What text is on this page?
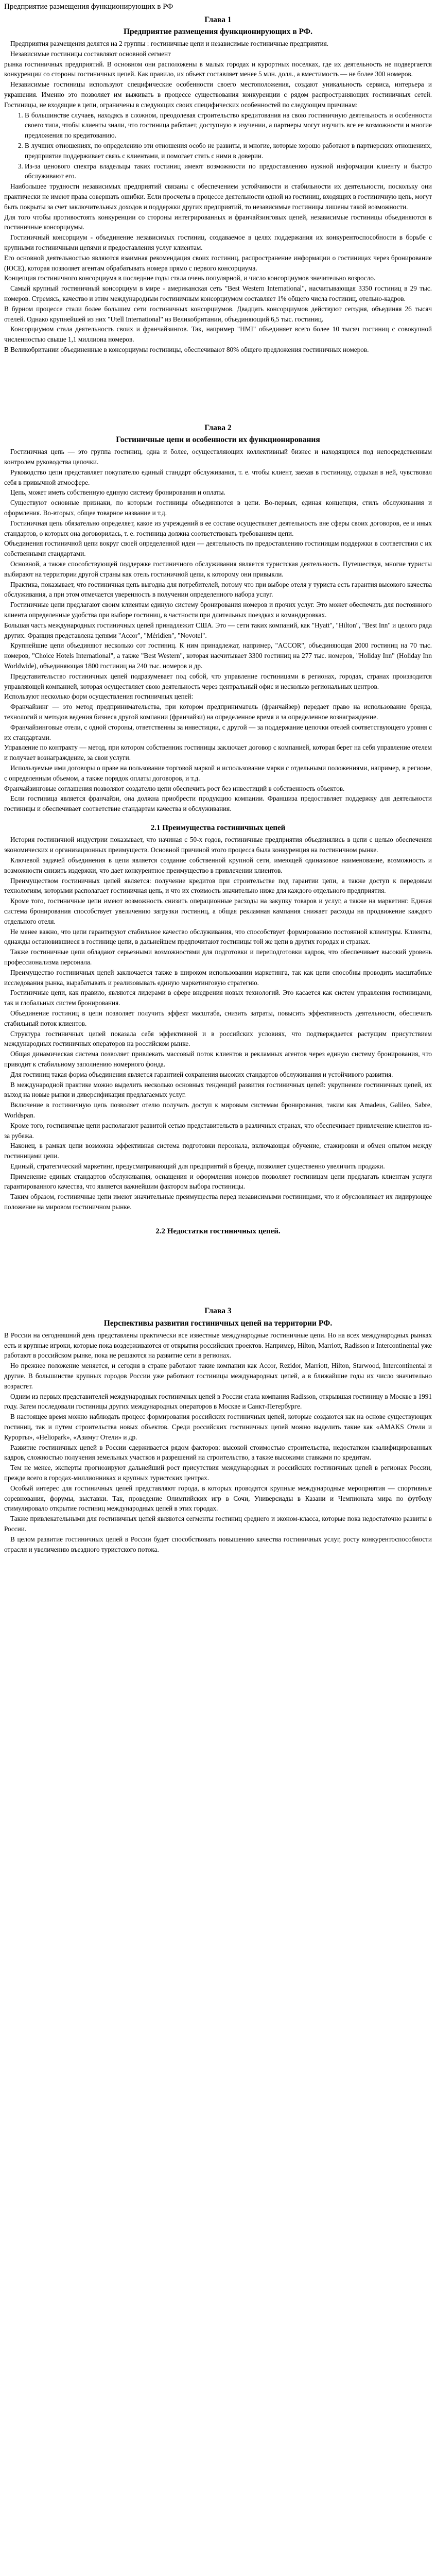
Предприятие размещения функционирующих в РФ
Глава 1
Предприятие размещения функционирующих в РФ.

Предприятия размещения делятся на 2 группы : гостиничные цепи и независимые гостиничные предприятия.

Независимые гостиницы составляют основной сегмент

рынка гостиничных предприятий. В основном они расположены в малых городах и курортных поселках, где их деятельность не подвергается конкуренции со стороны гостиничных цепей. Как правило, их объект составляет менее 5 млн. долл., а вместимость — не более 300 номеров.

Независимые гостиницы используют специфические особенности своего местоположения, создают уникальность сервиса, интерьера и украшения. Именно это позволяет им выживать в процессе существования конкуренции с рядом распространяющих гостиничных сетей. Гостиницы, не входящие в цепи, ограничены в следующих своих специфических особенностей по следующим причинам:

1. В большинстве случаев, находясь в сложном, преодолевая строительство кредитования на свою гостиничную деятельность и особенности своего типа, чтобы клиенты знали, что гостиница работает, доступную в изучении, а партнеры могут изучить все ее возможности и многие предложения по кредитованию.
2. В лучших отношениях, по определению эти отношения особо не развиты, и многие, которые хорошо работают в партнерских отношениях, предприятие поддерживает связь с клиентами, и помогает стать с ними в доверии.
3. Из-за ценового спектра владельцы таких гостиниц имеют возможности по предоставлению нужной информации клиенту и быстро обслуживают его.

Наибольшее трудности независимых предприятий связаны с обеспечением устойчивости и стабильности их деятельности, поскольку они практически не имеют права совершать ошибки. Если просчеты в процессе деятельности одной из гостиниц, входящих в гостиничную цепь, могут быть покрыты за счет заключительных доходов и поддержки других предприятий, то независимые гостиницы лишены такой возможности.

Для того чтобы противостоять конкуренции со стороны интегрированных и франчайзинговых цепей, независимые гостиницы объединяются в гостиничные консорциумы.

Гостиничный консорциум - объединение независимых гостиниц, создаваемое в целях поддержания их конкурентоспособности в борьбе с крупными гостиничными цепями и предоставления услуг клиентам.

Его основной деятельностью являются взаимная рекомендация своих гостиниц, распространение информации о гостиницах через бронирование (ЮСЕ), которая позволяет агентам обрабатывать номера прямо с первого консорциума.

Концепция гостиничного консорциума в последние годы стала очень популярной, и число консорциумов значительно возросло.

Самый крупный гостиничный консорциум в мире - американская сеть "Best Western International", насчитывающая 3350 гостиниц в 29 тыс. номеров. Стремясь, качество и этим международным гостиничным консорциумом составляет 1% общего числа гостиниц, отельно-кадров.

В бурном процессе стали более большим сети гостиничных консорциумов. Двадцать консорциумов действуют сегодня, объединяя 26 тысяч отелей. Однако крупнейшей из них "Utell International" из Великобритании, объединяющий 6,5 тыс. гостиниц.

Консорциумом стала деятельность своих и франчайзингов. Так, например "HMI" объединяет всего более 10 тысяч гостиниц с совокупной численностью свыше 1,1 миллиона номеров.

В Великобритании объединенные в консорциумы гостиницы, обеспечивают 80% общего предложения гостиничных номеров.

Глава 2
Гостиничные цепи и особенности их функционирования

Гостиничная цепь — это группа гостиниц, одна и более, осуществляющих коллективный бизнес и находящихся под непосредственным контролем руководства цепочки.

Руководство цепи представляет покупателю единый стандарт обслуживания, т. е. чтобы клиент, заехав в гостиницу, отдыхая в ней, чувствовал себя в привычной атмосфере.

Цепь, может иметь собственную единую систему бронирования и оплаты.

Существуют основные признаки, по которым гостиницы объединяются в цепи. Во-первых, единая концепция, стиль обслуживания и оформления. Во-вторых, общее товарное название и т.д.

Гостиничная цепь обязательно определяет, какое из учреждений в ее составе осуществляет деятельность вне сферы своих договоров, ее и иных стандартов, о которых она договорилась, т. е. гостиница должна соответствовать требованиям цепи.

Объединения гостиничной цепи вокруг своей определенной идеи — деятельность по предоставлению гостиницам поддержки в соответствии с их собственными стандартами.

Основной, а также способствующей поддержке гостиничного обслуживания является туристская деятельность. Путешествуя, многие туристы выбирают на территории другой страны как отель гостиничной цепи, к которому они привыкли.

Практика, показывает, что гостиничная цепь выгодна для потребителей, потому что при выборе отеля у туриста есть гарантия высокого качества обслуживания, а при этом отмечается уверенность в получении определенного набора услуг.

Гостиничные цепи предлагают своим клиентам единую систему бронирования номеров и прочих услуг. Это может обеспечить для постоянного клиента определенные удобства при выборе гостиниц, в частности при длительных поездках и командировках.

Большая часть международных гостиничных цепей принадлежит США. Это — сети таких компаний, как "Hyatt", "Hilton", "Best Inn" и целого ряда других. Франция представлена цепями "Accor", "Méridien", "Novotel".

Крупнейшие цепи объединяют несколько сот гостиниц. К ним принадлежат, например, "ACCOR", объединяющая 2000 гостиниц на 70 тыс. номеров, "Choice Hotels International", а также "Best Western", которая насчитывает 3300 гостиниц на 277 тыс. номеров, "Holiday Inn" (Holiday Inn Worldwide), объединяющая 1800 гостиниц на 240 тыс. номеров и др.

Представительство гостиничных цепей подразумевает под собой, что управление гостиницами в регионах, городах, странах производится управляющей компанией, которая осуществляет свою деятельность через центральный офис и несколько региональных центров.

Используют несколько форм осуществления гостиничных цепей:

Франчайзинг — это метод предпринимательства, при котором предприниматель (франчайзер) передает право на использование бренда, технологий и методов ведения бизнеса другой компании (франчайзи) на определенное время и за определенное вознаграждение.

Франчайзинговые отели, с одной стороны, ответственны за инвестиции, с другой — за поддержание цепочки отелей соответствующего уровня с их стандартами.

Управление по контракту — метод, при котором собственник гостиницы заключает договор с компанией, которая берет на себя управление отелем и получает вознаграждение, за свои услуги.

Используемые ими договоры о праве на пользование торговой маркой и использование марки с отдельными положениями, например, в регионе, с определенным объемом, а также порядок оплаты договоров, и т.д.

Франчайзинговые соглашения позволяют создателю цепи обеспечить рост без инвестиций в собственность объектов.

Если гостиница является франчайзи, она должна приобрести продукцию компании. Франшиза предоставляет поддержку для деятельности гостиницы и обеспечивает соответствие стандартам качества и обслуживания.

2.1 Преимущества гостиничных цепей

История гостиничной индустрии показывает, что начиная с 50-х годов, гостиничные предприятия объединялись в цепи с целью обеспечения экономических и организационных преимуществ. Основной причиной этого процесса была конкуренция на гостиничном рынке.

Ключевой задачей объединения в цепи является создание собственной крупной сети, имеющей одинаковое наименование, возможность и возможности снизить издержки, что дает конкурентное преимущество в привлечении клиентов.

Преимуществом гостиничных цепей является: получение кредитов при строительстве под гарантии цепи, а также доступ к передовым технологиям, которыми располагает гостиничная цепь, и что их стоимость значительно ниже для каждого отдельного предприятия.

Кроме того, гостиничные цепи имеют возможность снизить операционные расходы на закупку товаров и услуг, а также на маркетинг. Единая система бронирования способствует увеличению загрузки гостиниц, а общая рекламная кампания снижает расходы на продвижение каждого отдельного отеля.

Не менее важно, что цепи гарантируют стабильное качество обслуживания, что способствует формированию постоянной клиентуры. Клиенты, однажды остановившиеся в гостинице цепи, в дальнейшем предпочитают гостиницы той же цепи в других городах и странах.

Также гостиничные цепи обладают серьезными возможностями для подготовки и переподготовки кадров, что обеспечивает высокий уровень профессионализма персонала.

Преимущество гостиничных цепей заключается также в широком использовании маркетинга, так как цепи способны проводить масштабные исследования рынка, вырабатывать и реализовывать единую маркетинговую стратегию.

Гостиничные цепи, как правило, являются лидерами в сфере внедрения новых технологий. Это касается как систем управления гостиницами, так и глобальных систем бронирования.

Объединение гостиниц в цепи позволяет получить эффект масштаба, снизить затраты, повысить эффективность деятельности, обеспечить стабильный поток клиентов.

Структура гостиничных цепей показала себя эффективной и в российских условиях, что подтверждается растущим присутствием международных гостиничных операторов на российском рынке.

Общая динамическая система позволяет привлекать массовый поток клиентов и рекламных агентов через единую систему бронирования, что приводит к стабильному заполнению номерного фонда.

Для гостиниц такая форма объединения является гарантией сохранения высоких стандартов обслуживания и устойчивого развития.

В международной практике можно выделить несколько основных тенденций развития гостиничных цепей: укрупнение гостиничных цепей, их выход на новые рынки и диверсификация предлагаемых услуг.

Включение в гостиничную цепь позволяет отелю получать доступ к мировым системам бронирования, таким как Amadeus, Galileo, Sabre, Worldspan.

Кроме того, гостиничные цепи располагают развитой сетью представительств в различных странах, что обеспечивает привлечение клиентов из-за рубежа.

Наконец, в рамках цепи возможна эффективная система подготовки персонала, включающая обучение, стажировки и обмен опытом между гостиницами цепи.

Единый, стратегический маркетинг, предусматривающий для предприятий в бренде, позволяет существенно увеличить продажи.

Применение единых стандартов обслуживания, оснащения и оформления номеров позволяет гостиницам цепи предлагать клиентам услуги гарантированного качества, что является важнейшим фактором выбора гостиницы.

Таким образом, гостиничные цепи имеют значительные преимущества перед независимыми гостиницами, что и обусловливает их лидирующее положение на мировом гостиничном рынке.

2.2 Недостатки гостиничных цепей.
Глава 3
Перспективы развития гостиничных цепей на территории РФ.

В России на сегодняшний день представлены практически все известные международные гостиничные цепи. Но на всех международных рынках есть и крупные игроки, которые пока воздерживаются от открытия российских проектов. Например, Hilton, Marriott, Radisson и Intercontinental уже работают в российском рынке, пока не решаются на развитие сети в регионах.

Но прежнее положение меняется, и сегодня в стране работают такие компании как Accor, Rezidor, Marriott, Hilton, Starwood, Intercontinental и другие. В большинстве крупных городов России уже работают гостиницы международных цепей, а в ближайшие годы их число значительно возрастет.

Одним из первых представителей международных гостиничных цепей в России стала компания Radisson, открывшая гостиницу в Москве в 1991 году. Затем последовали гостиницы других международных операторов в Москве и Санкт-Петербурге.

В настоящее время можно наблюдать процесс формирования российских гостиничных цепей, которые создаются как на основе существующих гостиниц, так и путем строительства новых объектов. Среди российских гостиничных цепей можно выделить такие как «AMAKS Отели и Курорты», «Heliopark», «Азимут Отели» и др.

Развитие гостиничных цепей в России сдерживается рядом факторов: высокой стоимостью строительства, недостатком квалифицированных кадров, сложностью получения земельных участков и разрешений на строительство, а также высокими ставками по кредитам.

Тем не менее, эксперты прогнозируют дальнейший рост присутствия международных и российских гостиничных цепей в регионах России, прежде всего в городах-миллионниках и крупных туристских центрах.

Особый интерес для гостиничных цепей представляют города, в которых проводятся крупные международные мероприятия — спортивные соревнования, форумы, выставки. Так, проведение Олимпийских игр в Сочи, Универсиады в Казани и Чемпионата мира по футболу стимулировало открытие гостиниц международных цепей в этих городах.

Также привлекательными для гостиничных цепей являются сегменты гостиниц среднего и эконом-класса, которые пока недостаточно развиты в России.

В целом развитие гостиничных цепей в России будет способствовать повышению качества гостиничных услуг, росту конкурентоспособности отрасли и увеличению въездного туристского потока.
